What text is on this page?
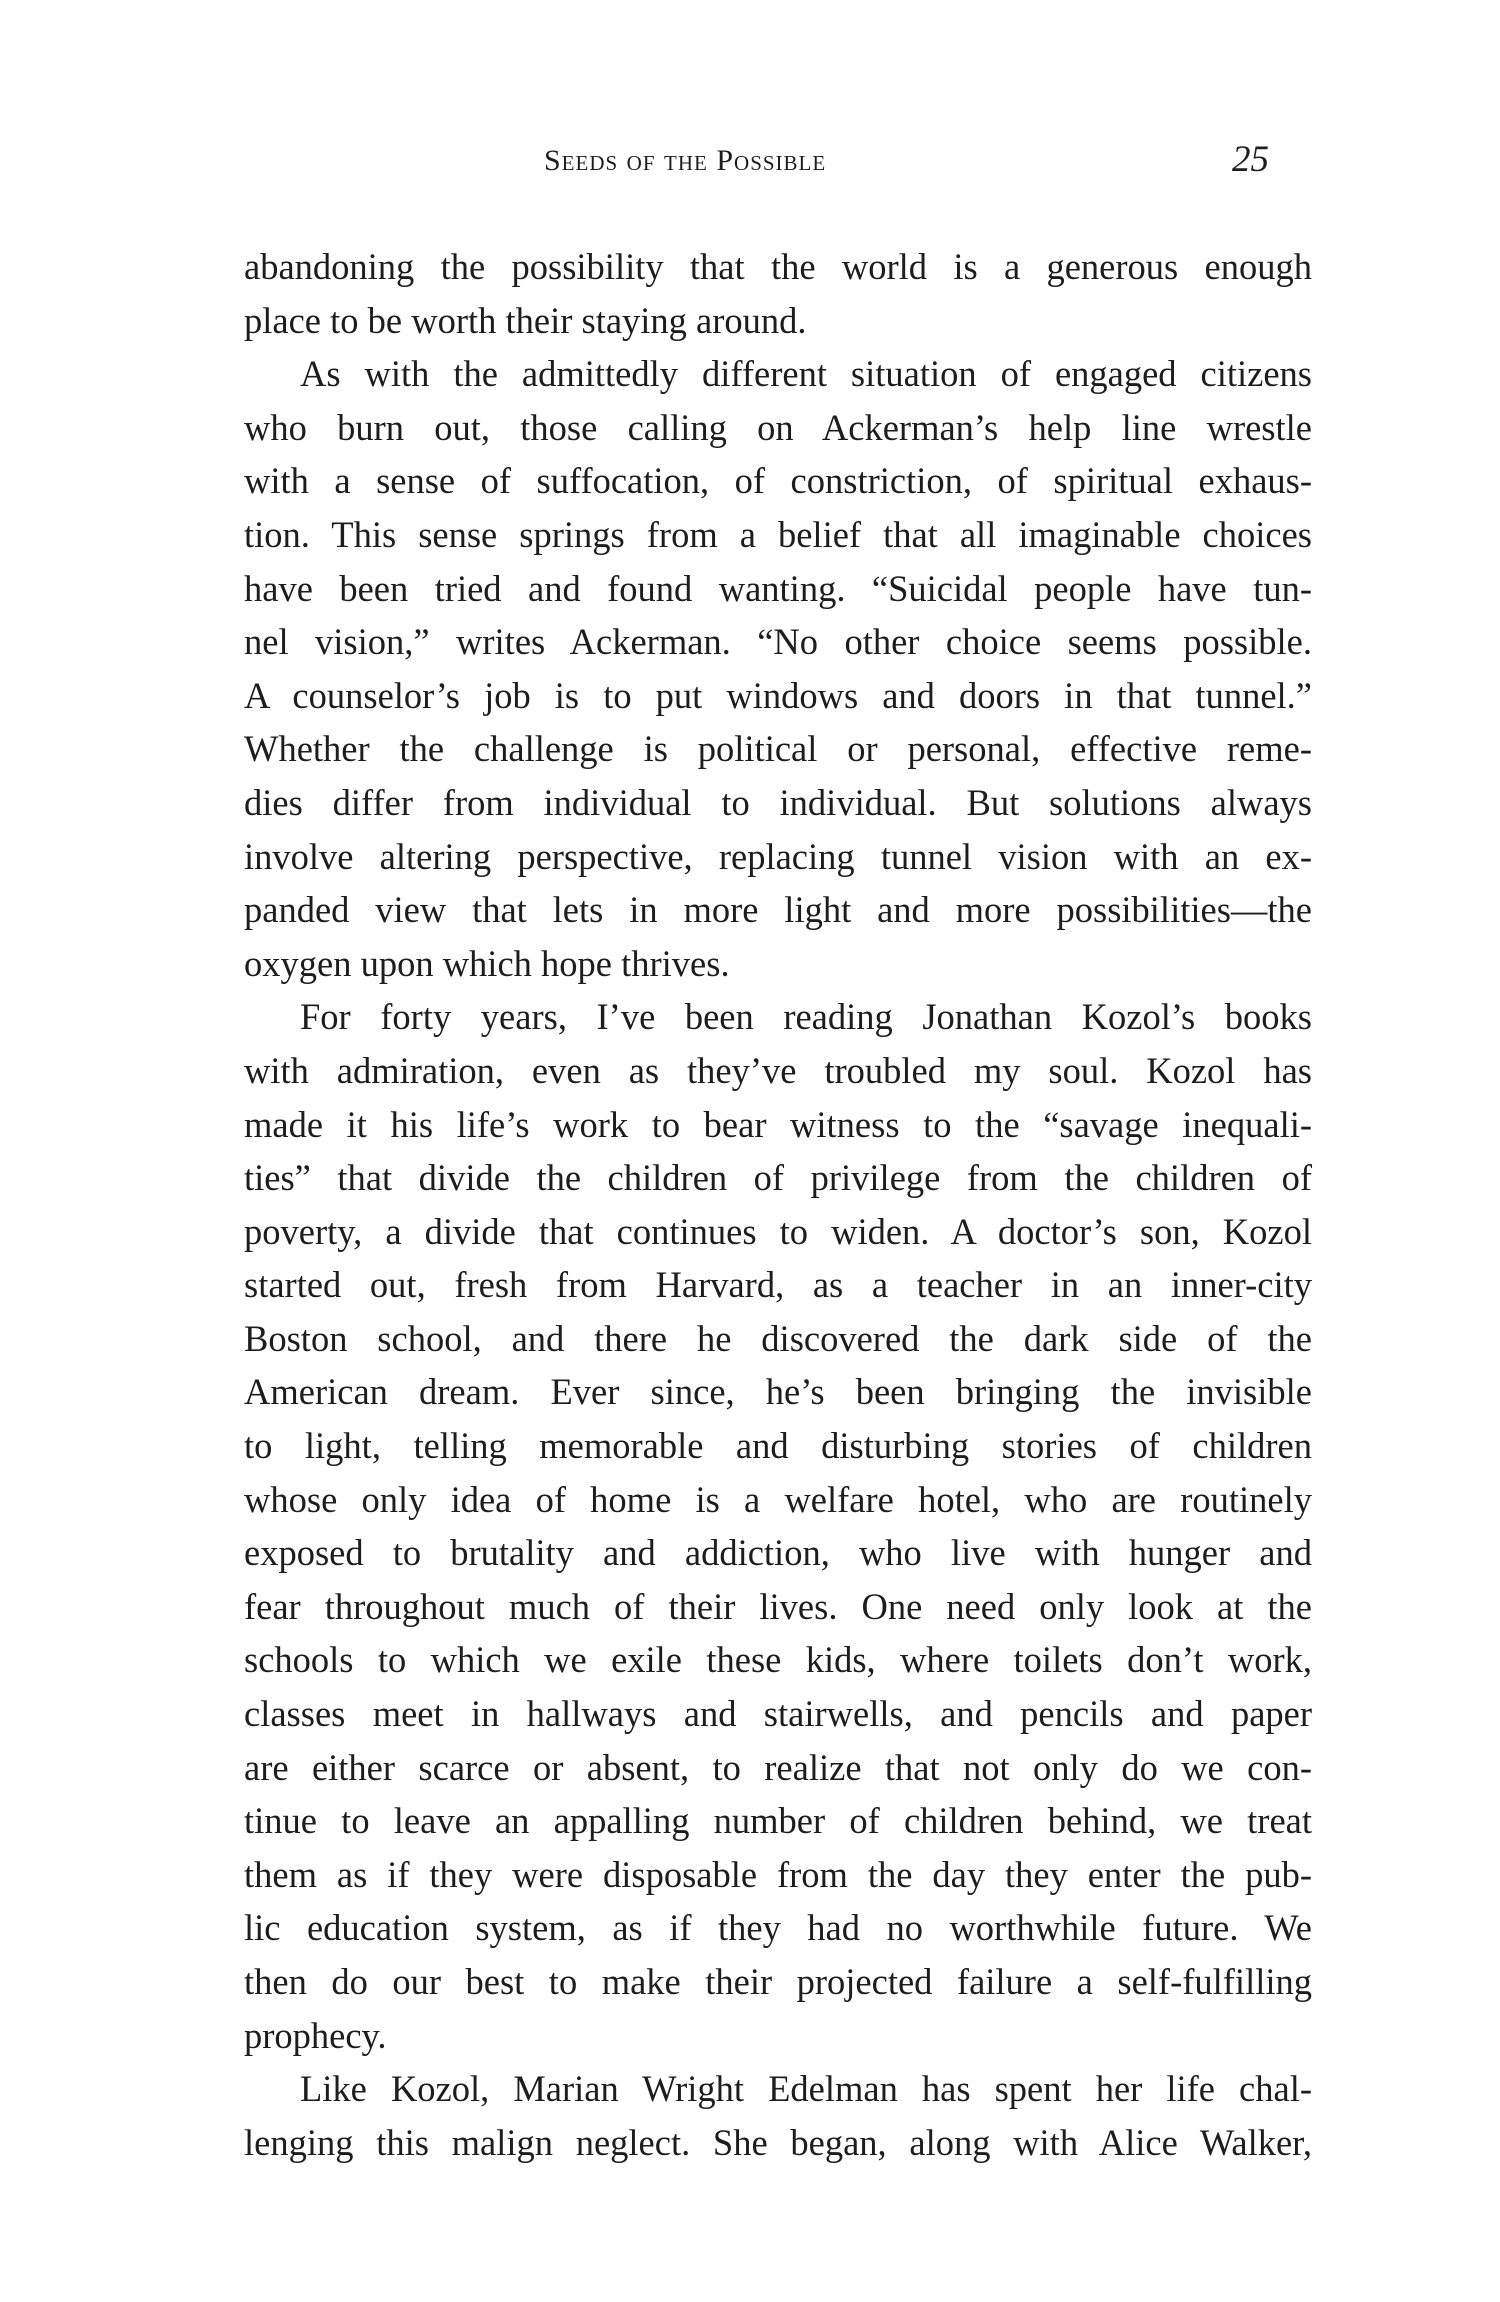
Seeds of the Possible	25
abandoning the possibility that the world is a generous enough
place to be worth their staying around.
As with the admittedly different situation of engaged citizens
who burn out, those calling on Ackerman’s help line wrestle
with a sense of suffocation, of constriction, of spiritual exhaus-
tion. This sense springs from a belief that all imaginable choices
have been tried and found wanting. “Suicidal people have tun-
nel vision,” writes Ackerman. “No other choice seems possible.
A counselor’s job is to put windows and doors in that tunnel.”
Whether the challenge is political or personal, effective reme-
dies differ from individual to individual. But solutions always
involve altering perspective, replacing tunnel vision with an ex-
panded view that lets in more light and more possibilities—the
oxygen upon which hope thrives.
For forty years, I’ve been reading Jonathan Kozol’s books
with admiration, even as they’ve troubled my soul. Kozol has
made it his life’s work to bear witness to the “savage inequali-
ties” that divide the children of privilege from the children of
poverty, a divide that continues to widen. A doctor’s son, Kozol
started out, fresh from Harvard, as a teacher in an inner-city
Boston school, and there he discovered the dark side of the
American dream. Ever since, he’s been bringing the invisible
to light, telling memorable and disturbing stories of children
whose only idea of home is a welfare hotel, who are routinely
exposed to brutality and addiction, who live with hunger and
fear throughout much of their lives. One need only look at the
schools to which we exile these kids, where toilets don’t work,
classes meet in hallways and stairwells, and pencils and paper
are either scarce or absent, to realize that not only do we con-
tinue to leave an appalling number of children behind, we treat
them as if they were disposable from the day they enter the pub-
lic education system, as if they had no worthwhile future. We
then do our best to make their projected failure a self-fulfilling
prophecy.
Like Kozol, Marian Wright Edelman has spent her life chal-
lenging this malign neglect. She began, along with Alice Walker,
